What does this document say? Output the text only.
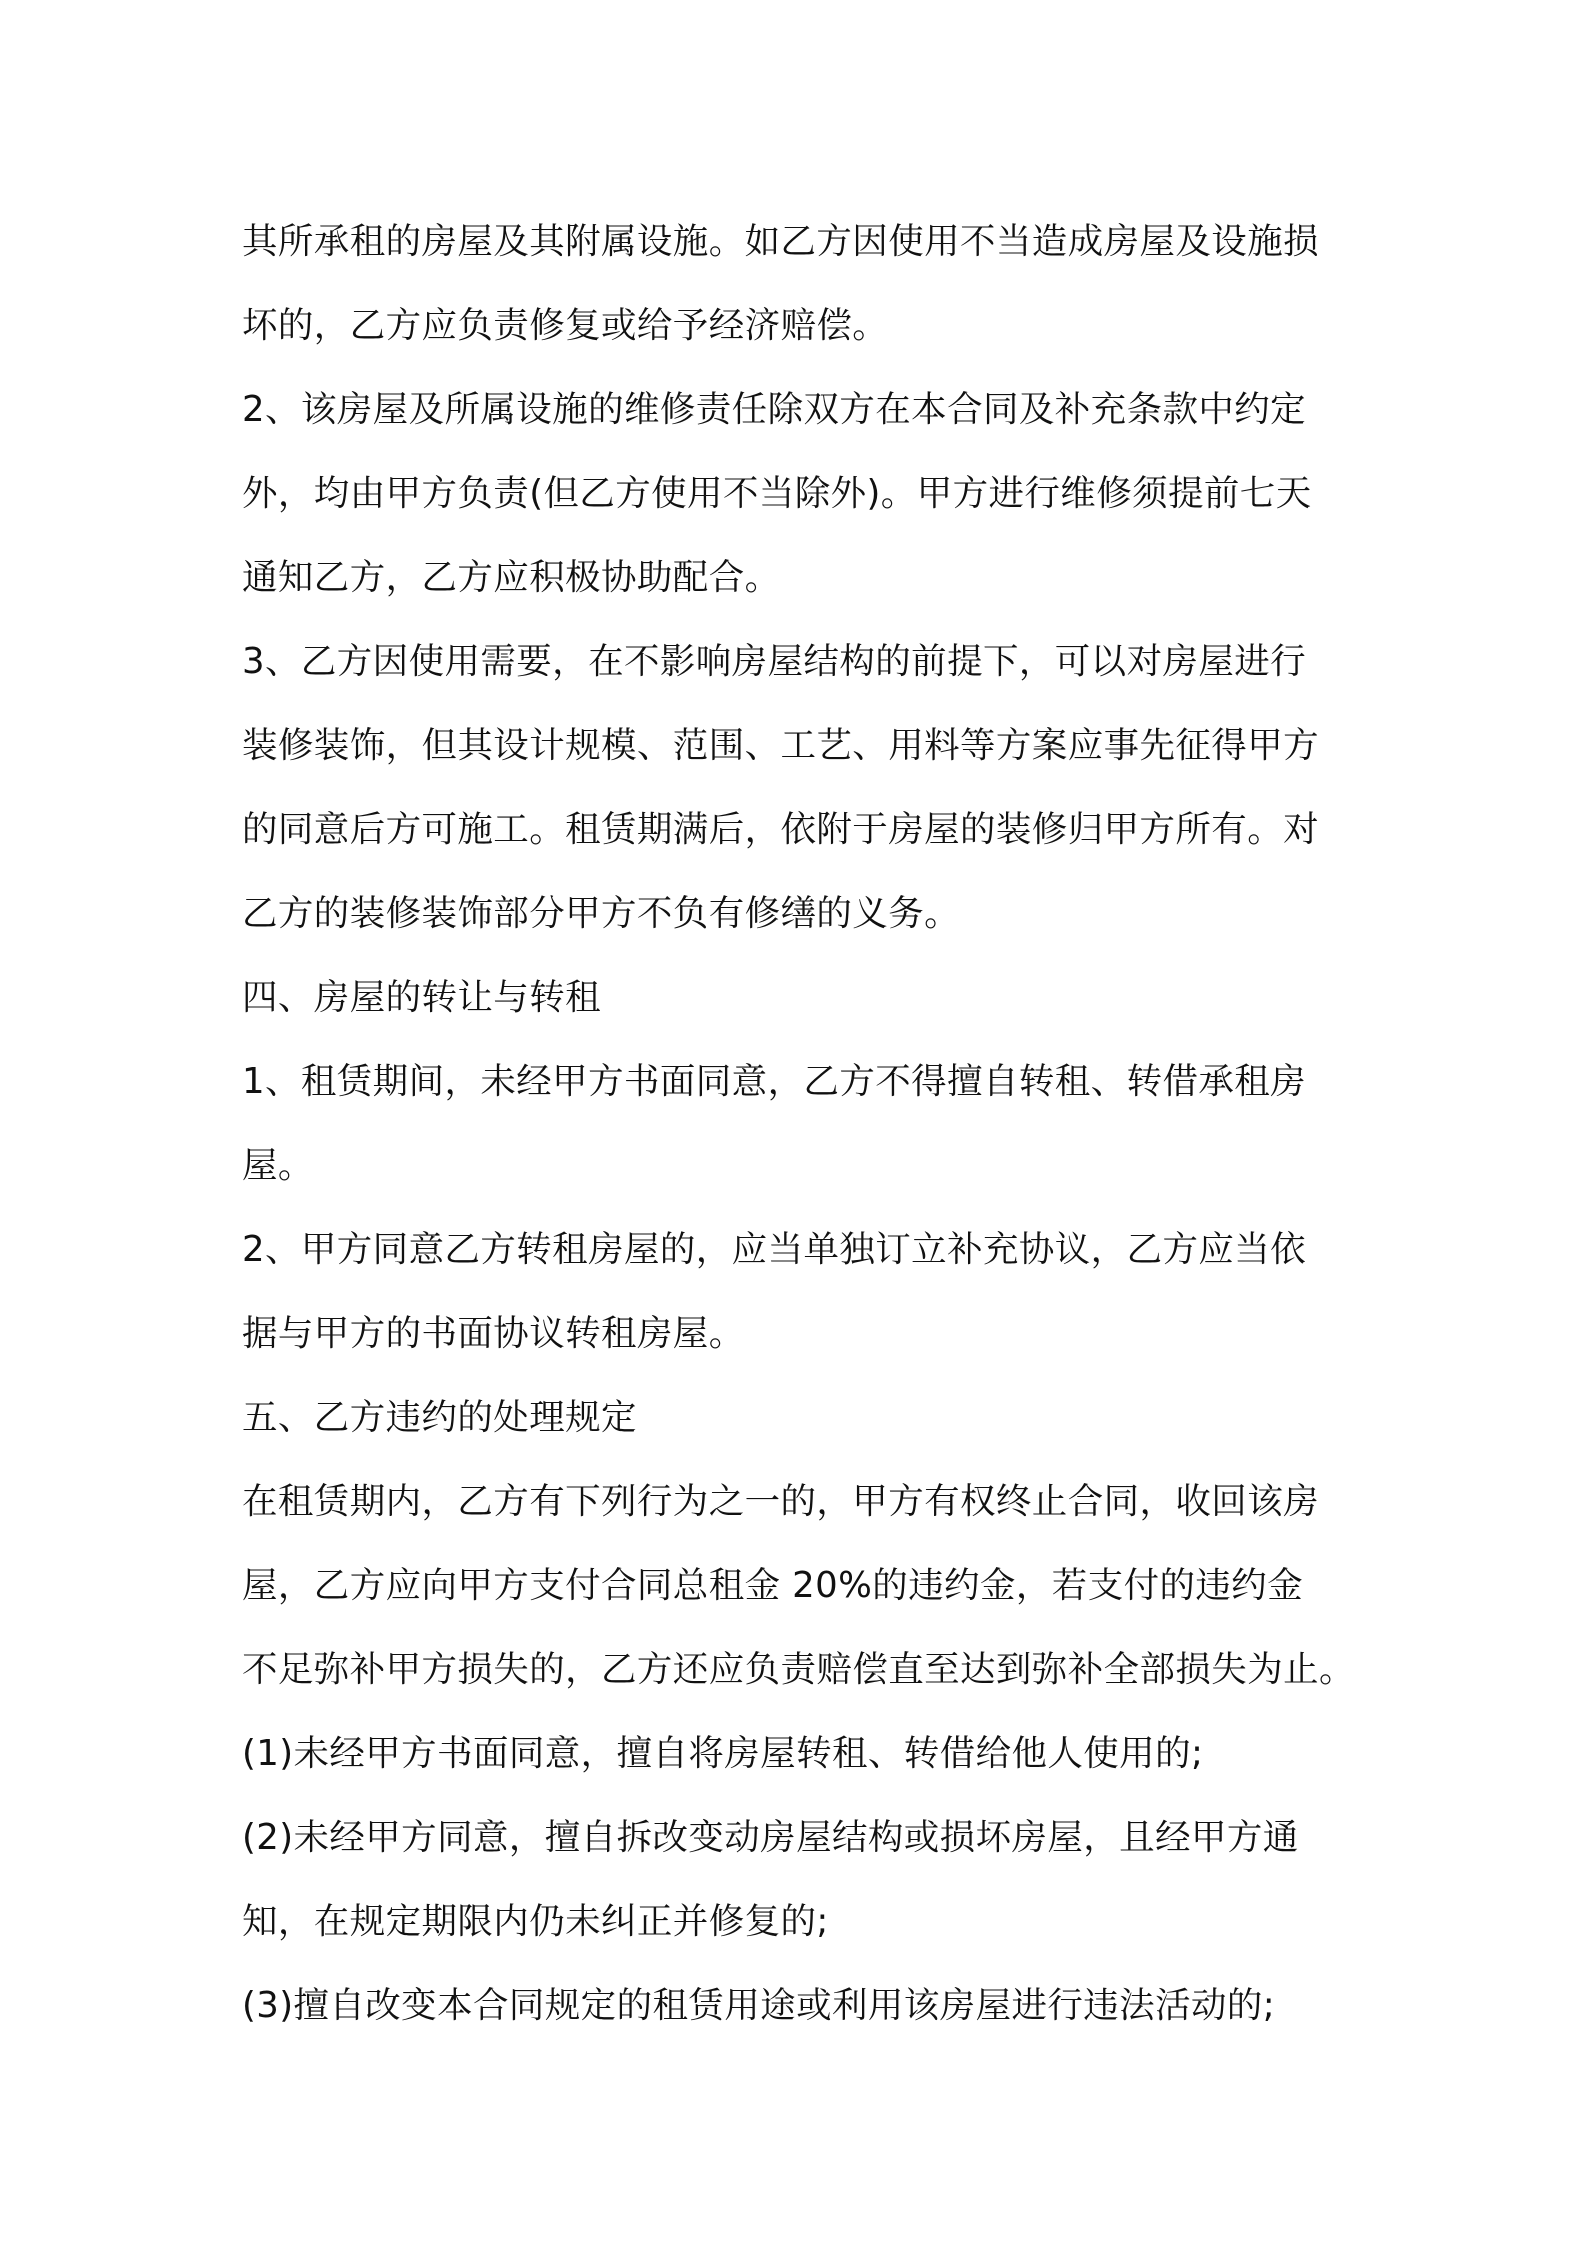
其所承租的房屋及其附属设施。如乙方因使用不当造成房屋及设施损
坏的，乙方应负责修复或给予经济赔偿。
2、该房屋及所属设施的维修责任除双方在本合同及补充条款中约定
外，均由甲方负责(但乙方使用不当除外)。甲方进行维修须提前七天
通知乙方，乙方应积极协助配合。
3、乙方因使用需要，在不影响房屋结构的前提下，可以对房屋进行
装修装饰，但其设计规模、范围、工艺、用料等方案应事先征得甲方
的同意后方可施工。租赁期满后，依附于房屋的装修归甲方所有。对
乙方的装修装饰部分甲方不负有修缮的义务。
四、房屋的转让与转租
1、租赁期间，未经甲方书面同意，乙方不得擅自转租、转借承租房
屋。
2、甲方同意乙方转租房屋的，应当单独订立补充协议，乙方应当依
据与甲方的书面协议转租房屋。
五、乙方违约的处理规定
在租赁期内，乙方有下列行为之一的，甲方有权终止合同，收回该房
屋，乙方应向甲方支付合同总租金 20%的违约金，若支付的违约金
不足弥补甲方损失的，乙方还应负责赔偿直至达到弥补全部损失为止。
(1)未经甲方书面同意，擅自将房屋转租、转借给他人使用的;
(2)未经甲方同意，擅自拆改变动房屋结构或损坏房屋，且经甲方通
知，在规定期限内仍未纠正并修复的;
(3)擅自改变本合同规定的租赁用途或利用该房屋进行违法活动的;
